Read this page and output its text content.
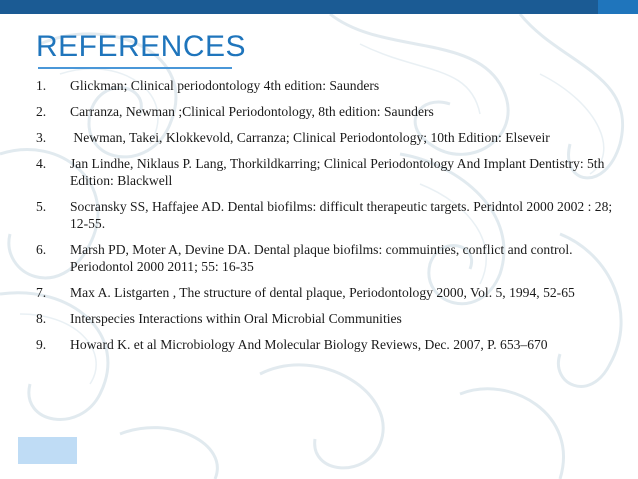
REFERENCES
1.	Glickman; Clinical periodontology 4th edition: Saunders
2.	Carranza, Newman ;Clinical Periodontology, 8th edition: Saunders
3.	Newman, Takei, Klokkevold, Carranza; Clinical Periodontology; 10th Edition: Elseveir
4.	Jan Lindhe, Niklaus P. Lang, Thorkildkarring; Clinical Periodontology And Implant Dentistry: 5th Edition: Blackwell
5.	Socransky SS, Haffajee AD. Dental biofilms: difficult therapeutic targets. Peridntol 2000 2002 : 28; 12-55.
6.	Marsh PD, Moter A, Devine DA. Dental plaque biofilms: commuinties, conflict and control. Periodontol 2000 2011; 55: 16-35
7.	Max A. Listgarten , The structure of dental plaque, Periodontology 2000, Vol. 5, 1994, 52-65
8.	Interspecies Interactions within Oral Microbial Communities
9.	Howard K. et al Microbiology And Molecular Biology Reviews, Dec. 2007, P. 653–670
